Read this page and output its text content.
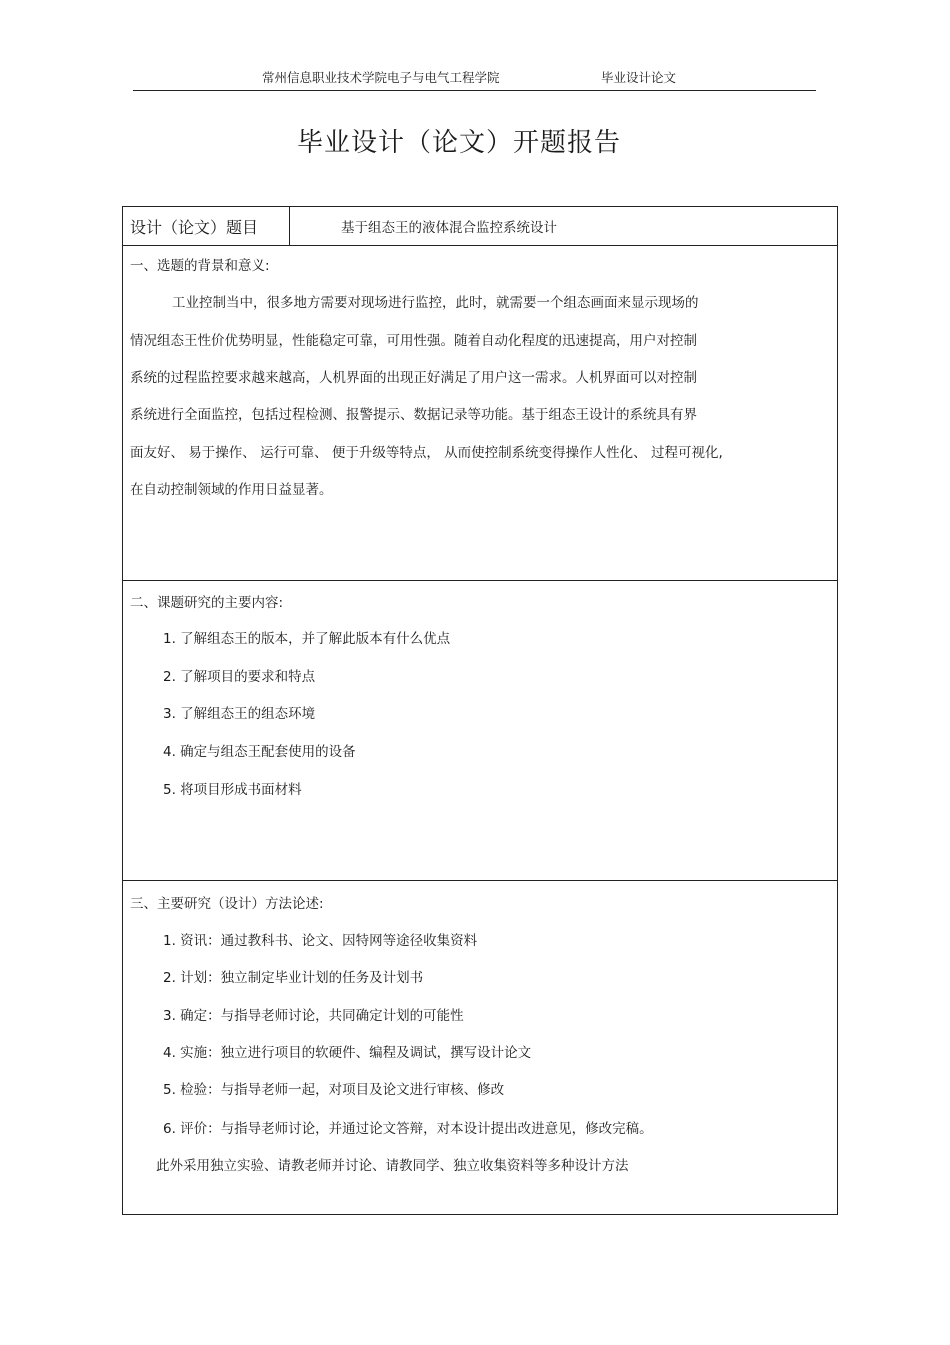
常州信息职业技术学院电子与电气工程学院	毕业设计论文
毕业设计（论文）开题报告
设计（论文）题目	基于组态王的液体混合监控系统设计
一、选题的背景和意义:
工业控制当中，很多地方需要对现场进行监控，此时，就需要一个组态画面来显示现场的
情况组态王性价优势明显，性能稳定可靠，可用性强。随着自动化程度的迅速提高，用户对控制
系统的过程监控要求越来越高，人机界面的出现正好满足了用户这一需求。人机界面可以对控制
系统进行全面监控，包括过程检测、报警提示、数据记录等功能。基于组态王设计的系统具有界
面友好、 易于操作、 运行可靠、 便于升级等特点， 从而使控制系统变得操作人性化、 过程可视化,
在自动控制领域的作用日益显著。
二、课题研究的主要内容:
1. 了解组态王的版本，并了解此版本有什么优点
2. 了解项目的要求和特点
3. 了解组态王的组态环境
4. 确定与组态王配套使用的设备
5. 将项目形成书面材料
三、主要研究（设计）方法论述:
1. 资讯：通过教科书、论文、因特网等途径收集资料
2. 计划：独立制定毕业计划的任务及计划书
3. 确定：与指导老师讨论，共同确定计划的可能性
4. 实施：独立进行项目的软硬件、编程及调试，撰写设计论文
5. 检验：与指导老师一起，对项目及论文进行审核、修改
6. 评价：与指导老师讨论，并通过论文答辩，对本设计提出改进意见，修改完稿。
此外采用独立实验、请教老师并讨论、请教同学、独立收集资料等多种设计方法
